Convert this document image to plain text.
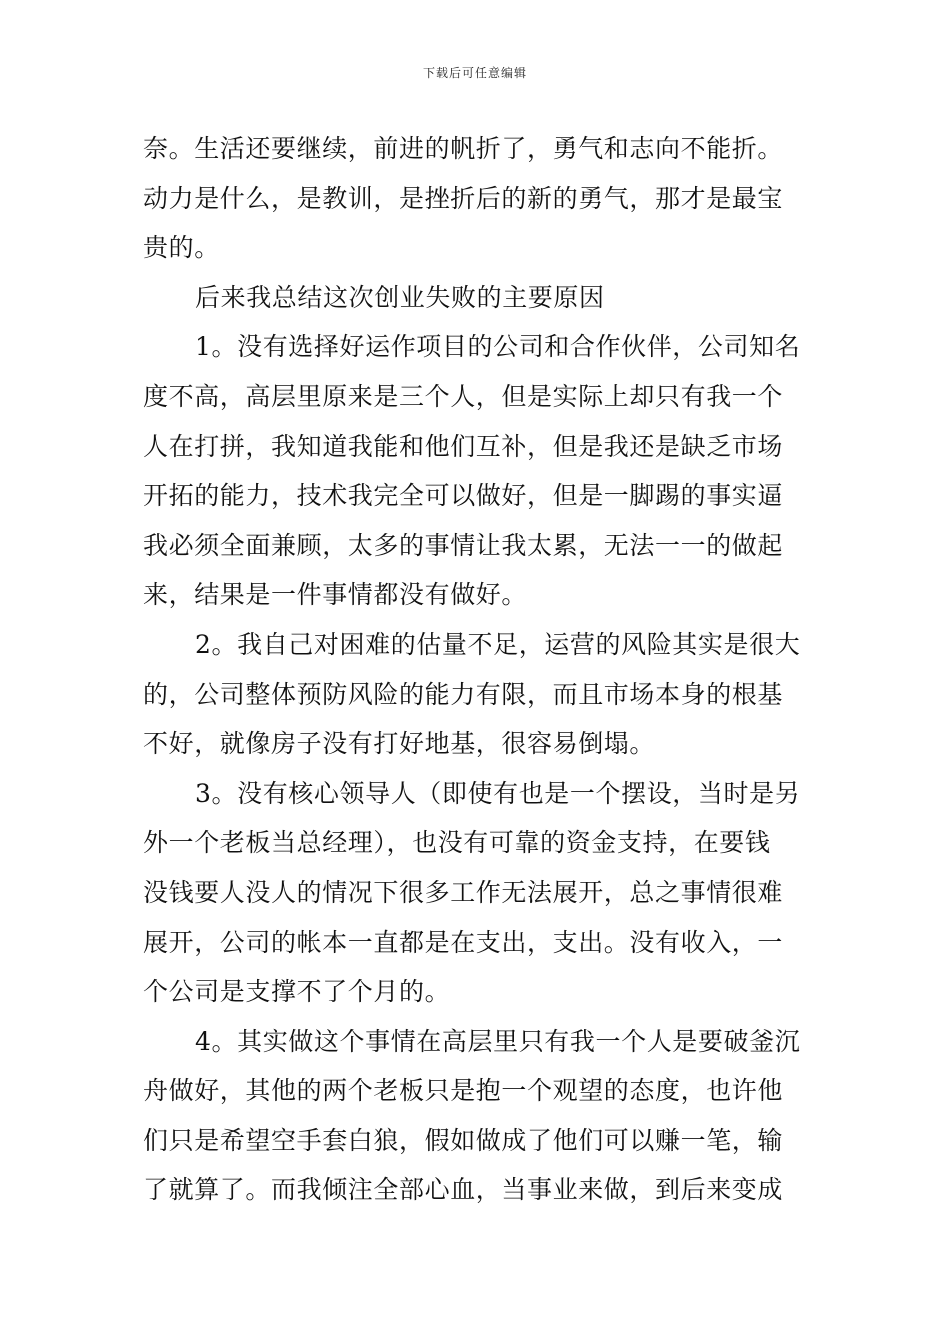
下载后可任意编辑
奈。生活还要继续，前进的帆折了，勇气和志向不能折。
动力是什么，是教训，是挫折后的新的勇气，那才是最宝
贵的。
后来我总结这次创业失败的主要原因
1。没有选择好运作项目的公司和合作伙伴，公司知名
度不高，高层里原来是三个人，但是实际上却只有我一个
人在打拼，我知道我能和他们互补，但是我还是缺乏市场
开拓的能力，技术我完全可以做好，但是一脚踢的事实逼
我必须全面兼顾，太多的事情让我太累，无法一一的做起
来，结果是一件事情都没有做好。
2。我自己对困难的估量不足，运营的风险其实是很大
的，公司整体预防风险的能力有限，而且市场本身的根基
不好，就像房子没有打好地基，很容易倒塌。
3。没有核心领导人（即使有也是一个摆设，当时是另
外一个老板当总经理），也没有可靠的资金支持，在要钱
没钱要人没人的情况下很多工作无法展开，总之事情很难
展开，公司的帐本一直都是在支出，支出。没有收入，一
个公司是支撑不了个月的。
4。其实做这个事情在高层里只有我一个人是要破釜沉
舟做好，其他的两个老板只是抱一个观望的态度，也许他
们只是希望空手套白狼，假如做成了他们可以赚一笔，输
了就算了。而我倾注全部心血，当事业来做，到后来变成
